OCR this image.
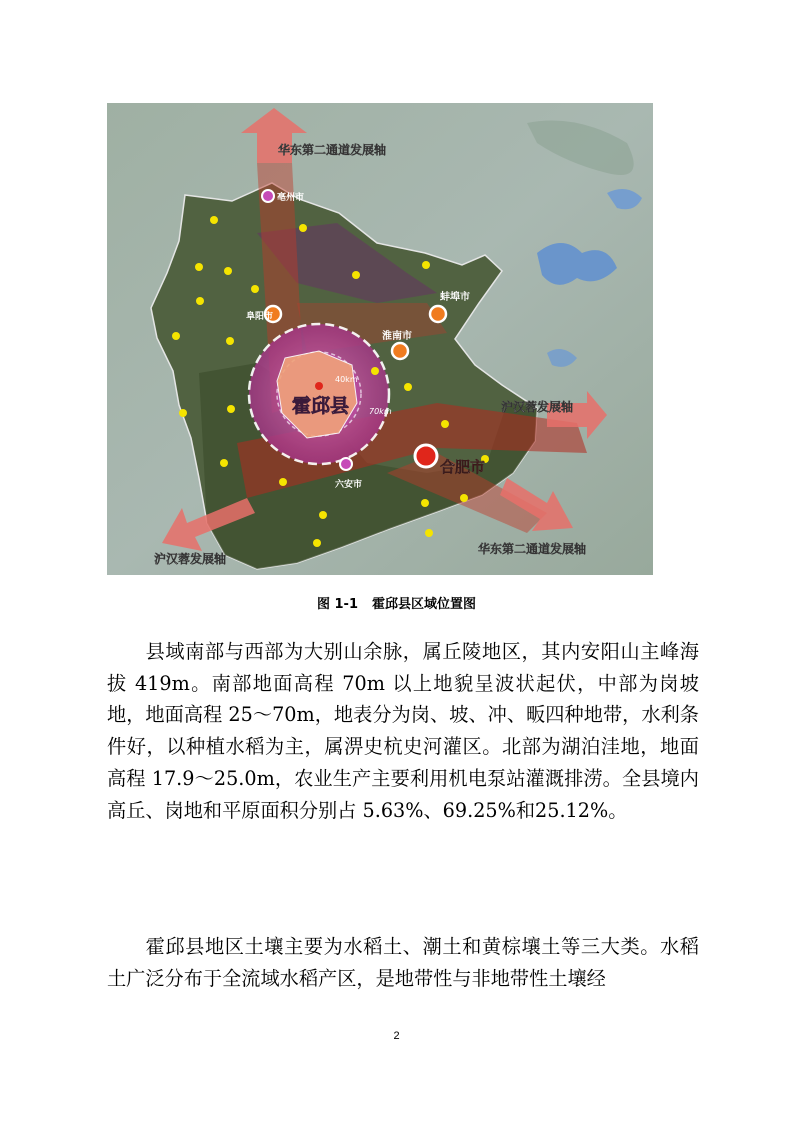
华东第二通道发展轴
沪汉蓉发展轴
沪汉蓉发展轴
华东第二通道发展轴
霍邱县
40km
70km
亳州市
阜阳市
淮南市
蚌埠市
合肥市
六安市
图 1-1 霍邱县区域位置图

县域南部与西部为大别山余脉，属丘陵地区，其内安阳山主峰海拔 419m。南部地面高程 70m 以上地貌呈波状起伏，中部为岗坡地，地面高程 25～70m，地表分为岗、坡、冲、畈四种地带，水利条件好，以种植水稻为主，属淠史杭史河灌区。北部为湖泊洼地，地面高程 17.9～25.0m，农业生产主要利用机电泵站灌溉排涝。全县境内高丘、岗地和平原面积分别占 5.63%、69.25%和25.12%。

霍邱县地区土壤主要为水稻土、潮土和黄棕壤土等三大类。水稻土广泛分布于全流域水稻产区，是地带性与非地带性土壤经

2
